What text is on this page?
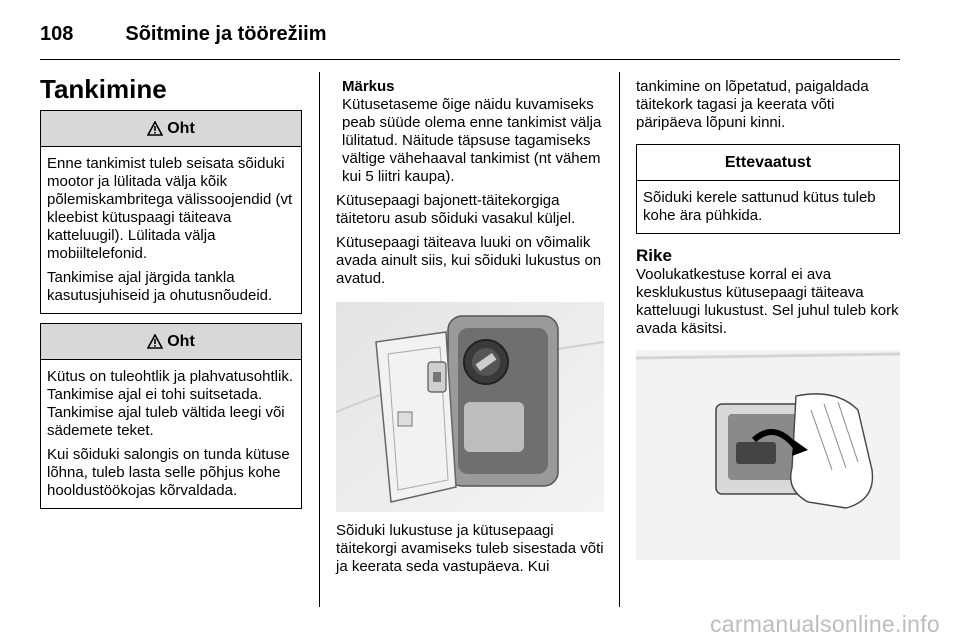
108	Sõitmine ja töörežiim
Tankimine
Oht

Enne tankimist tuleb seisata sõiduki mootor ja lülitada välja kõik põlemiskambritega välissoojendid (vt kleebist kütuspaagi täiteava katteluugil). Lülitada välja mobiiltelefonid.

Tankimise ajal järgida tankla kasutusjuhiseid ja ohutusnõudeid.

Oht

Kütus on tuleohtlik ja plahvatusohtlik. Tankimise ajal ei tohi suitsetada. Tankimise ajal tuleb vältida leegi või sädemete teket.

Kui sõiduki salongis on tunda kütuse lõhna, tuleb lasta selle põhjus kohe hooldustöökojas kõrvaldada.

Märkus

Kütusetaseme õige näidu kuvamiseks peab süüde olema enne tankimist välja lülitatud. Näitude täpsuse tagamiseks vältige vähehaaval tankimist (nt vähem kui 5 liitri kaupa).

Kütusepaagi bajonett-täitekorgiga täitetoru asub sõiduki vasakul küljel.

Kütusepaagi täiteava luuki on võimalik avada ainult siis, kui sõiduki lukustus on avatud.

Sõiduki lukustuse ja kütusepaagi täitekorgi avamiseks tuleb sisestada võti ja keerata seda vastupäeva. Kui

tankimine on lõpetatud, paigaldada täitekork tagasi ja keerata võti päripäeva lõpuni kinni.

Ettevaatust

Sõiduki kerele sattunud kütus tuleb kohe ära pühkida.

Rike

Voolukatkestuse korral ei ava kesklukustus kütusepaagi täiteava katteluugi lukustust. Sel juhul tuleb kork avada käsitsi.

carmanualsonline.info
